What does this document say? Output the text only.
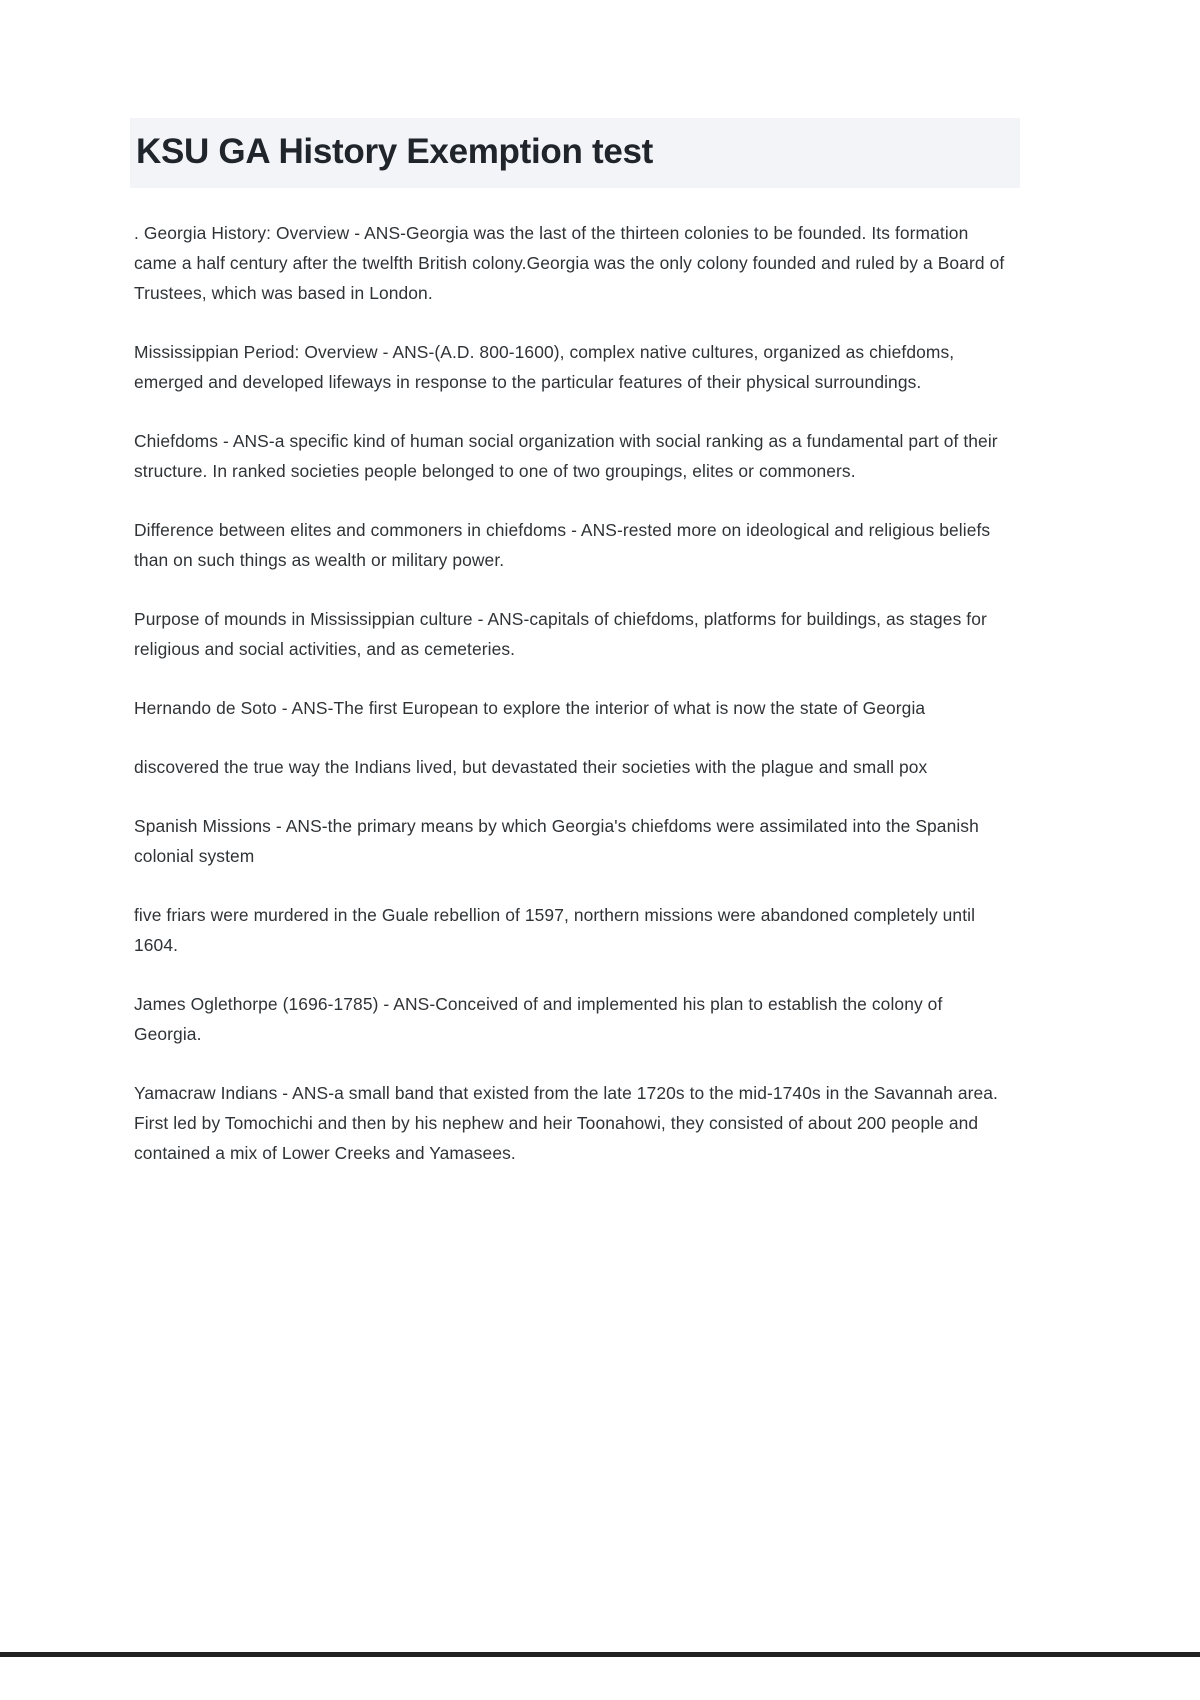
KSU GA History Exemption test

. Georgia History: Overview - ANS-Georgia was the last of the thirteen colonies to be founded. Its formation came a half century after the twelfth British colony.Georgia was the only colony founded and ruled by a Board of Trustees, which was based in London.

Mississippian Period: Overview - ANS-(A.D. 800-1600), complex native cultures, organized as chiefdoms, emerged and developed lifeways in response to the particular features of their physical surroundings.

Chiefdoms - ANS-a specific kind of human social organization with social ranking as a fundamental part of their structure. In ranked societies people belonged to one of two groupings, elites or commoners.

Difference between elites and commoners in chiefdoms - ANS-rested more on ideological and religious beliefs than on such things as wealth or military power.

Purpose of mounds in Mississippian culture - ANS-capitals of chiefdoms, platforms for buildings, as stages for religious and social activities, and as cemeteries.

Hernando de Soto - ANS-The first European to explore the interior of what is now the state of Georgia

discovered the true way the Indians lived, but devastated their societies with the plague and small pox

Spanish Missions - ANS-the primary means by which Georgia's chiefdoms were assimilated into the Spanish colonial system

five friars were murdered in the Guale rebellion of 1597, northern missions were abandoned completely until 1604.

James Oglethorpe (1696-1785) - ANS-Conceived of and implemented his plan to establish the colony of Georgia.

Yamacraw Indians - ANS-a small band that existed from the late 1720s to the mid-1740s in the Savannah area. First led by Tomochichi and then by his nephew and heir Toonahowi, they consisted of about 200 people and contained a mix of Lower Creeks and Yamasees.
